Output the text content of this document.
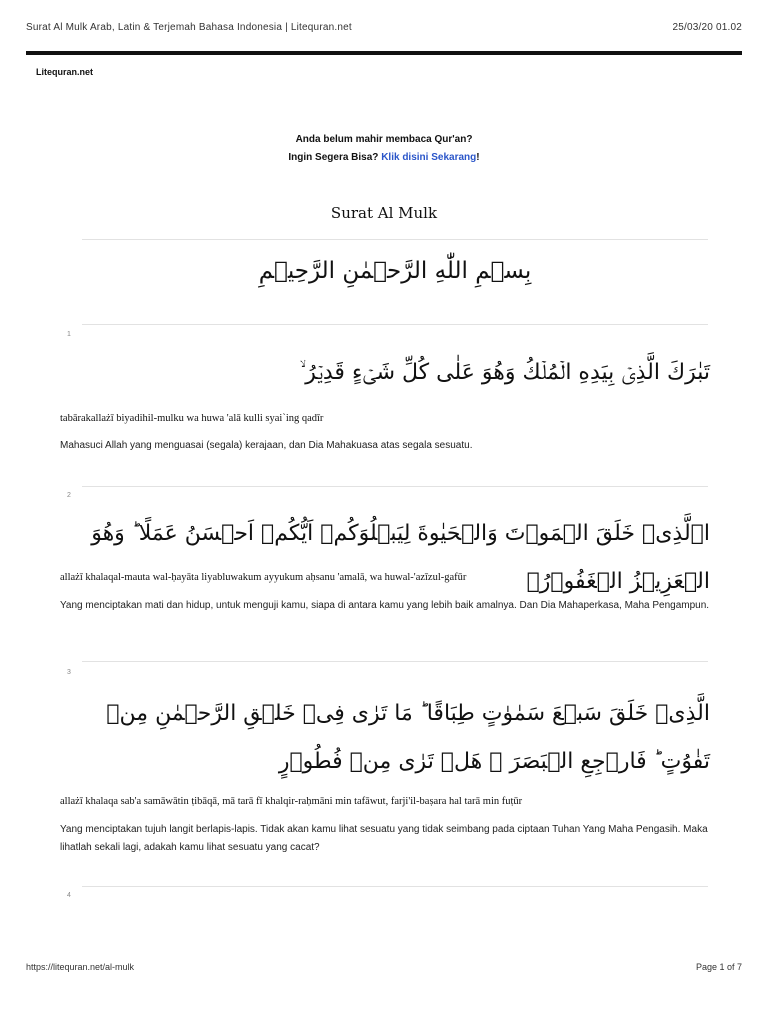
Surat Al Mulk Arab, Latin & Terjemah Bahasa Indonesia | Litequran.net	25/03/20 01.02
Litequran.net
Anda belum mahir membaca Qur'an?
Ingin Segera Bisa? Klik disini Sekarang!
Surat Al Mulk
بِسۡمِ اللّٰهِ الرَّحۡمٰنِ الرَّحِيۡمِ
1
تَبٰرَكَ الَّذِىۡ بِيَدِهِ الۡمُلۡكُ وَهُوَ عَلٰى كُلِّ شَىۡءٍ قَدِيۡرُ ۙ
tabārakallażī biyadihil-mulku wa huwa 'alā kulli syai`ing qadīr
Mahasuci Allah yang menguasai (segala) kerajaan, dan Dia Mahakuasa atas segala sesuatu.
2
اۨلَّذِىۡ خَلَقَ الۡمَوۡتَ وَالۡحَيٰوةَ لِيَبۡلُوَكُمۡ اَيُّكُمۡ اَحۡسَنُ عَمَلًا ‌ؕ وَهُوَ الۡعَزِيۡزُ الۡغَفُوۡرُۙ
allażī khalaqal-mauta wal-ḥayāta liyabluwakum ayyukum aḥsanu 'amalā, wa huwal-'azīzul-gafūr
Yang menciptakan mati dan hidup, untuk menguji kamu, siapa di antara kamu yang lebih baik amalnya. Dan Dia Mahaperkasa, Maha Pengampun.
3
الَّذِىۡ خَلَقَ سَبۡعَ سَمٰوٰتٍ طِبَاقًا‌ ؕ مَا تَرٰى فِىۡ خَلۡقِ الرَّحۡمٰنِ مِنۡ تَفٰوُتٍ‌ ؕ فَارۡجِعِ الۡبَصَرَ ۙ هَلۡ تَرٰى مِنۡ فُطُوۡرٍ
allażī khalaqa sab'a samāwātin ṭibāqā, mā tarā fī khalqir-raḥmāni min tafāwut, farji'il-baṣara hal tarā min fuṭūr
Yang menciptakan tujuh langit berlapis-lapis. Tidak akan kamu lihat sesuatu yang tidak seimbang pada ciptaan Tuhan Yang Maha Pengasih. Maka lihatlah sekali lagi, adakah kamu lihat sesuatu yang cacat?
4
https://litequran.net/al-mulk	Page 1 of 7
